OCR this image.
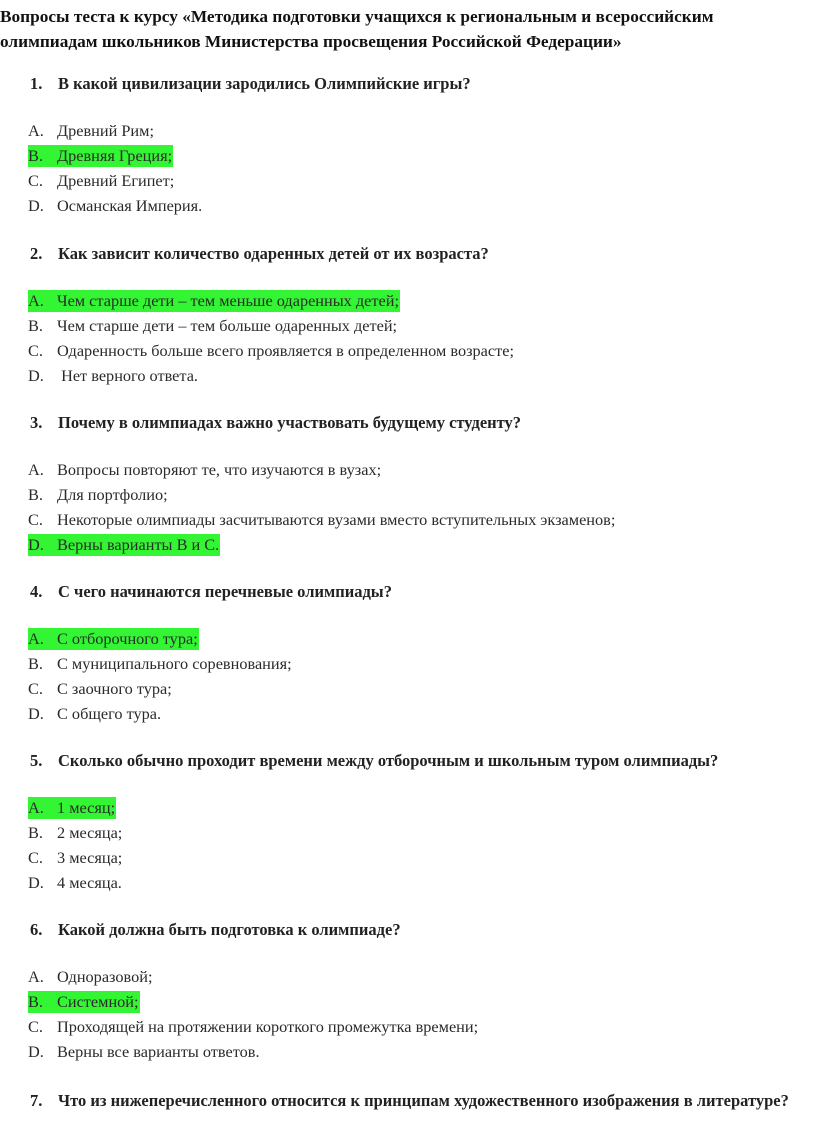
Вопросы теста к курсу «Методика подготовки учащихся к региональным и всероссийским олимпиадам школьников Министерства просвещения Российской Федерации»
1. В какой цивилизации зародились Олимпийские игры?
A. Древний Рим;
B. Древняя Греция;
C. Древний Египет;
D. Османская Империя.
2. Как зависит количество одаренных детей от их возраста?
A. Чем старше дети – тем меньше одаренных детей;
B. Чем старше дети – тем больше одаренных детей;
C. Одаренность больше всего проявляется в определенном возрасте;
D. Нет верного ответа.
3. Почему в олимпиадах важно участвовать будущему студенту?
A. Вопросы повторяют те, что изучаются в вузах;
B. Для портфолио;
C. Некоторые олимпиады засчитываются вузами вместо вступительных экзаменов;
D. Верны варианты B и C.
4. С чего начинаются перечневые олимпиады?
A. С отборочного тура;
B. С муниципального соревнования;
C. С заочного тура;
D. С общего тура.
5. Сколько обычно проходит времени между отборочным и школьным туром олимпиады?
A. 1 месяц;
B. 2 месяца;
C. 3 месяца;
D. 4 месяца.
6. Какой должна быть подготовка к олимпиаде?
A. Одноразовой;
B. Системной;
C. Проходящей на протяжении короткого промежутка времени;
D. Верны все варианты ответов.
7. Что из нижеперечисленного относится к принципам художественного изображения в литературе?
